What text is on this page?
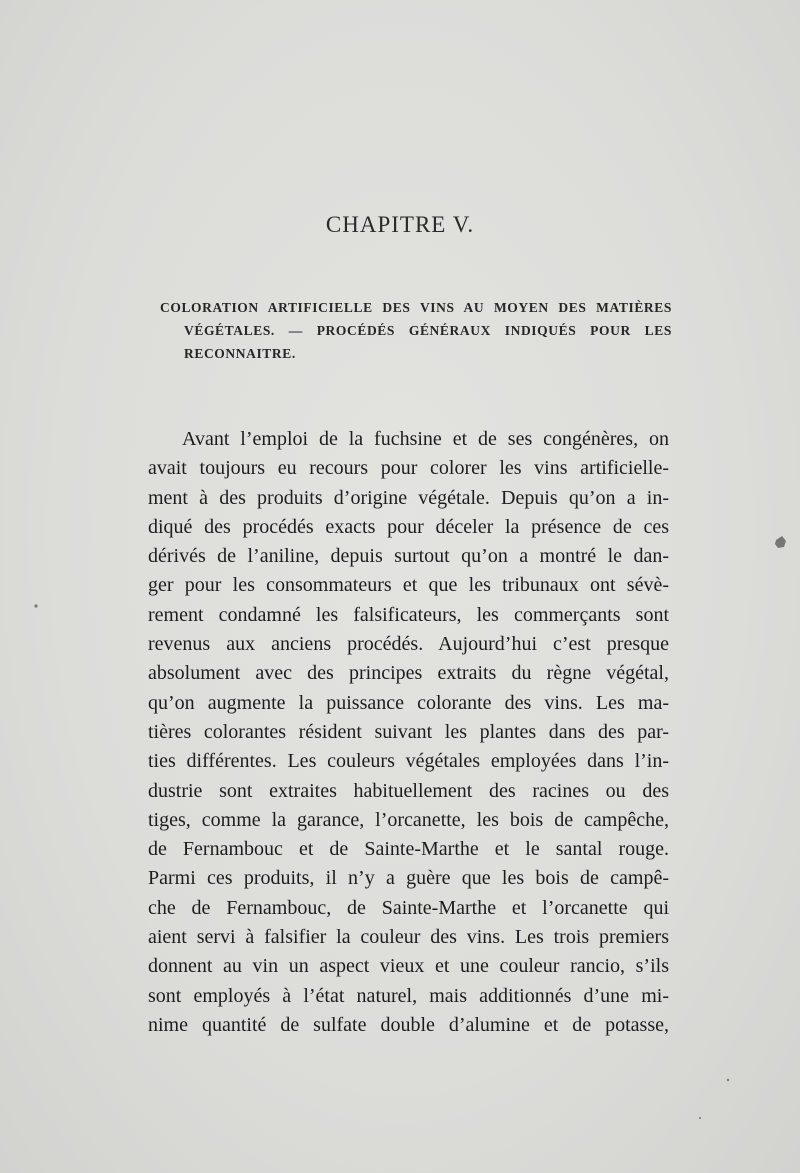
CHAPITRE V.
COLORATION ARTIFICIELLE DES VINS AU MOYEN DES MATIÈRES
VÉGÉTALES. — PROCÉDÉS GÉNÉRAUX INDIQUÉS POUR LES
RECONNAITRE.
Avant l’emploi de la fuchsine et de ses congénères, on
avait toujours eu recours pour colorer les vins artificielle-
ment à des produits d’origine végétale. Depuis qu’on a in-
diqué des procédés exacts pour déceler la présence de ces
dérivés de l’aniline, depuis surtout qu’on a montré le dan-
ger pour les consommateurs et que les tribunaux ont sévè-
rement condamné les falsificateurs, les commerçants sont
revenus aux anciens procédés. Aujourd’hui c’est presque
absolument avec des principes extraits du règne végétal,
qu’on augmente la puissance colorante des vins. Les ma-
tières colorantes résident suivant les plantes dans des par-
ties différentes. Les couleurs végétales employées dans l’in-
dustrie sont extraites habituellement des racines ou des
tiges, comme la garance, l’orcanette, les bois de campêche,
de Fernambouc et de Sainte-Marthe et le santal rouge.
Parmi ces produits, il n’y a guère que les bois de campê-
che de Fernambouc, de Sainte-Marthe et l’orcanette qui
aient servi à falsifier la couleur des vins. Les trois premiers
donnent au vin un aspect vieux et une couleur rancio, s’ils
sont employés à l’état naturel, mais additionnés d’une mi-
nime quantité de sulfate double d’alumine et de potasse,
